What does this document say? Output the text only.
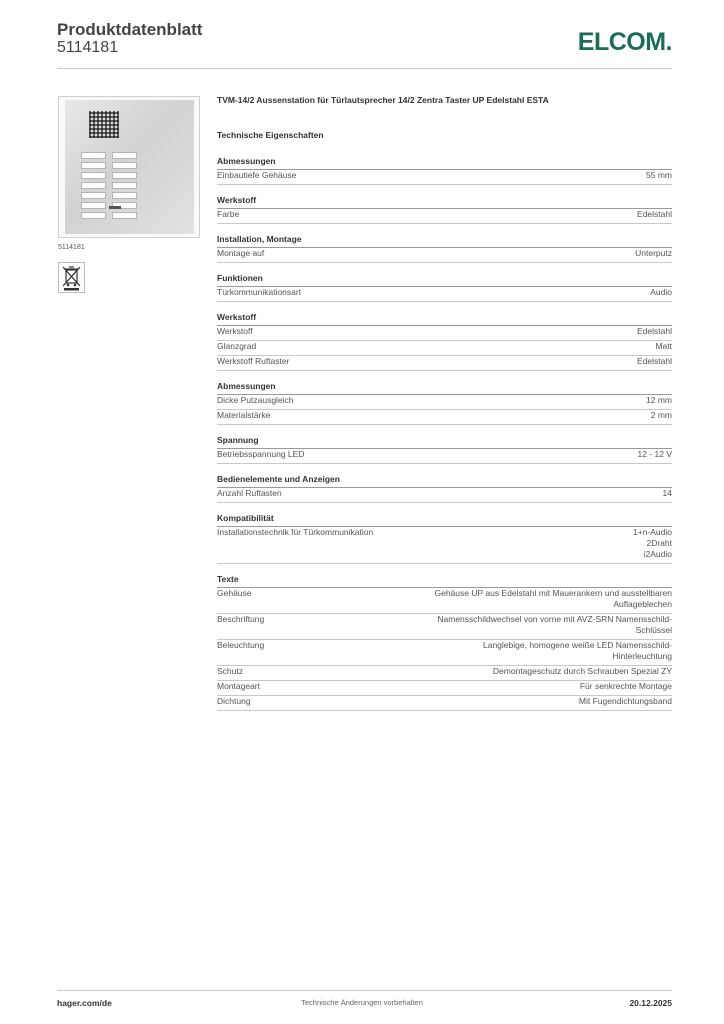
Produktdatenblatt
5114181	ELCOM.
5114181
TVM-14/2 Aussenstation für Türlautsprecher 14/2 Zentra Taster UP Edelstahl ESTA
Technische Eigenschaften
Abmessungen
Einbautiefe Gehäuse	55 mm
Werkstoff
Farbe	Edelstahl
Installation, Montage
Montage auf	Unterputz
Funktionen
Türkommunikationsart	Audio
Werkstoff
Werkstoff	Edelstahl
Glanzgrad	Matt
Werkstoff Ruftaster	Edelstahl
Abmessungen
Dicke Putzausgleich	12 mm
Materialstärke	2 mm
Spannung
Betriebsspannung LED	12 - 12 V
Bedienelemente und Anzeigen
Anzahl Ruftasten	14
Kompatibilität
Installationstechnik für Türkommunikation	1+n-Audio
2Draht
i2Audio
Texte
Gehäuse	Gehäuse UP aus Edelstahl mit Mauerankern und ausstellbaren
Auflageblechen
Beschriftung	Namensschildwechsel von vorne mit AVZ-SRN Namensschild-
Schlüssel
Beleuchtung	Langlebige, homogene weiße LED Namensschild-
Hinterleuchtung
Schutz	Demontageschutz durch Schrauben Spezial ZY
Montageart	Für senkrechte Montage
Dichtung	Mit Fugendichtungsband
hager.com/de	Technische Änderungen vorbehalten	20.12.2025
